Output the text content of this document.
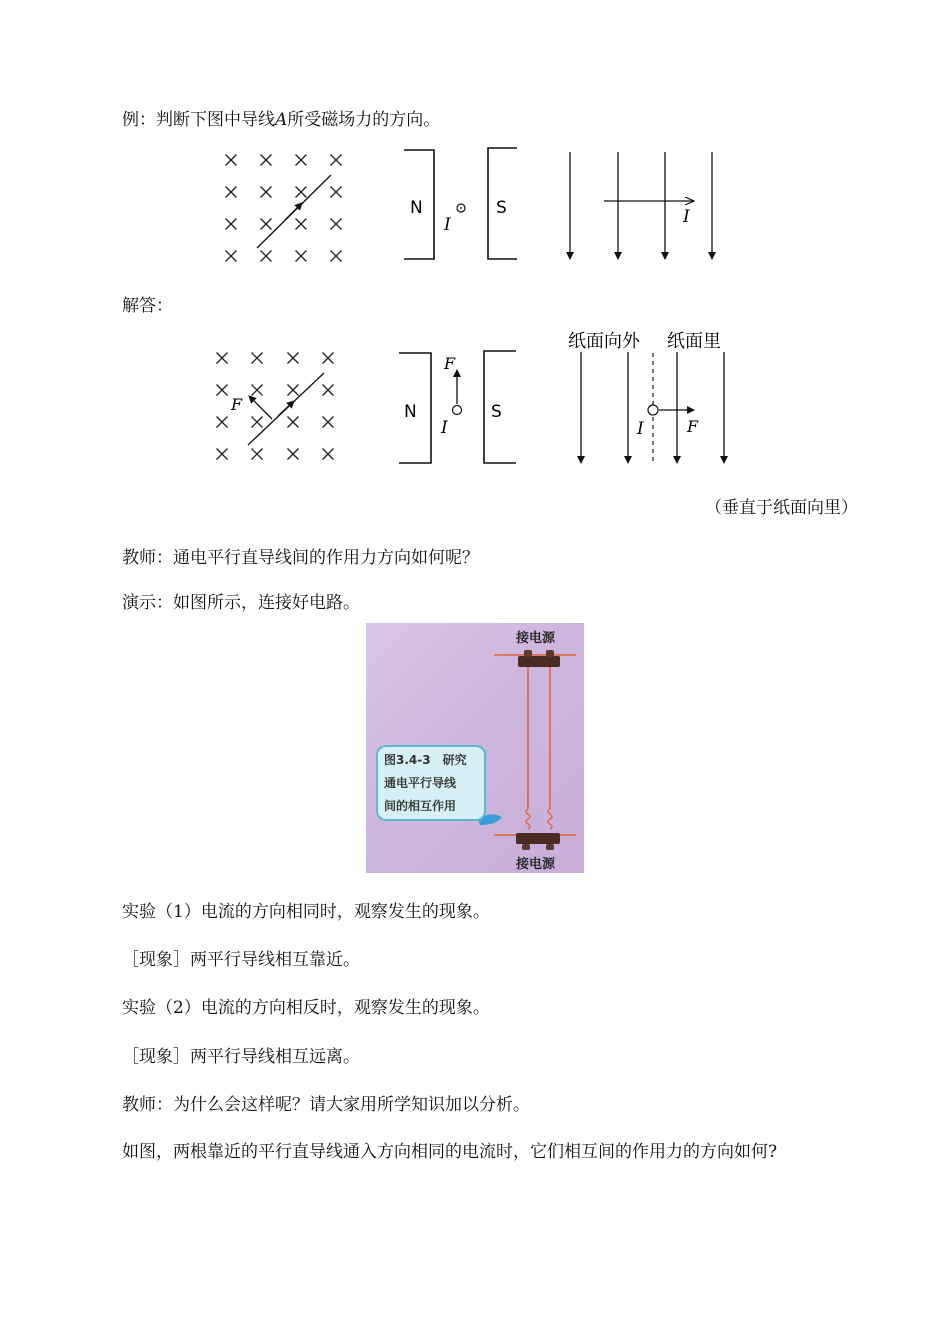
例：判断下图中导线A所受磁场力的方向。
解答：
（垂直于纸面向里）
教师：通电平行直导线间的作用力方向如何呢？
演示：如图所示，连接好电路。
实验（1）电流的方向相同时，观察发生的现象。
［现象］两平行导线相互靠近。
实验（2）电流的方向相反时，观察发生的现象。
［现象］两平行导线相互远离。
教师：为什么会这样呢？请大家用所学知识加以分析。
如图，两根靠近的平行直导线通入方向相同的电流时，它们相互间的作用力的方向如何?
N	S
I	I
F	N	S
F
I
纸面向外 纸面里
I	F
接电源
接电源
图3.4-3　研究
通电平行导线
间的相互作用
